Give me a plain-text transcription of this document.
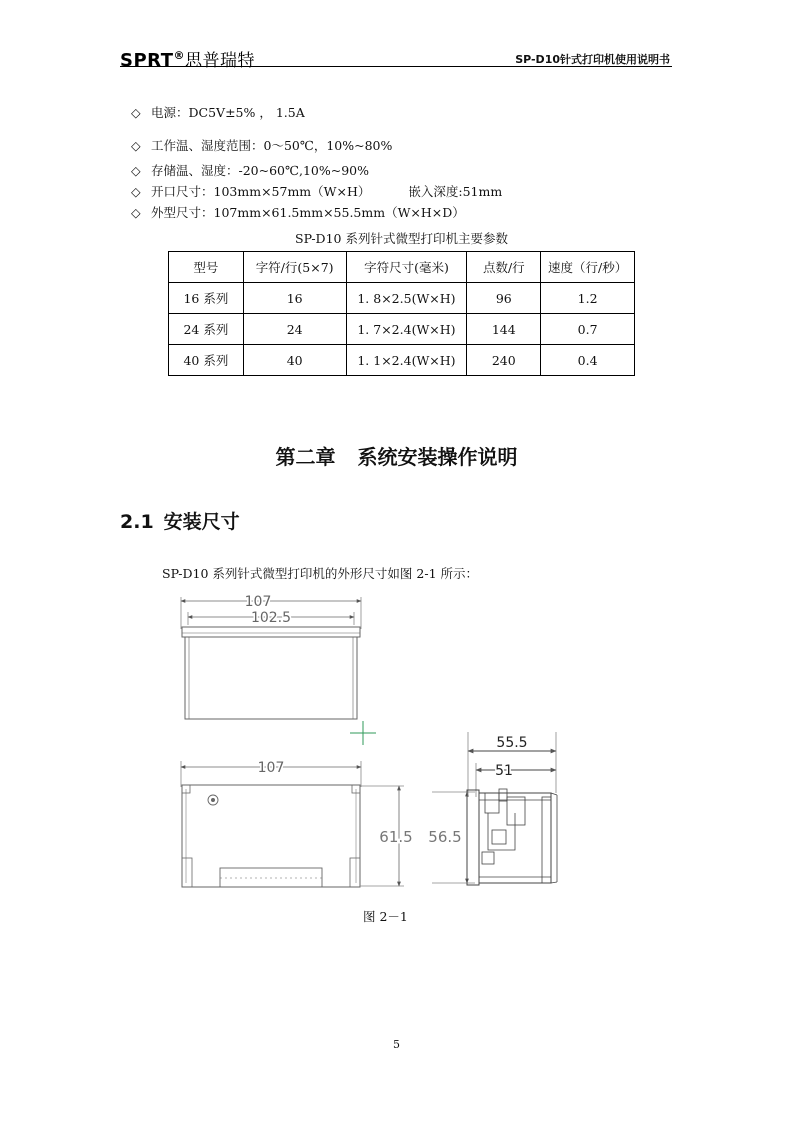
SPRT®思普瑞特	SP-D10针式打印机使用说明书
◇ 电源：DC5V±5% ， 1.5A
◇ 工作温、湿度范围：0～50℃，10%~80%
◇ 存储温、湿度：-20~60℃,10%~90%
◇ 开口尺寸：103mm×57mm（W×H）	嵌入深度:51mm
◇ 外型尺寸：107mm×61.5mm×55.5mm（W×H×D）
SP-D10 系列针式微型打印机主要参数
型号	字符/行(5×7)	字符尺寸(毫米)	点数/行	速度（行/秒）
16 系列	16	1. 8×2.5(W×H)	96	1.2
24 系列	24	1. 7×2.4(W×H)	144	0.7
40 系列	40	1. 1×2.4(W×H)	240	0.4
第二章 系统安装操作说明
2.1 安装尺寸
SP-D10 系列针式微型打印机的外形尺寸如图 2-1 所示：
107
102.5
107
61.5 56.5
55.5
51
图 2－1
5
